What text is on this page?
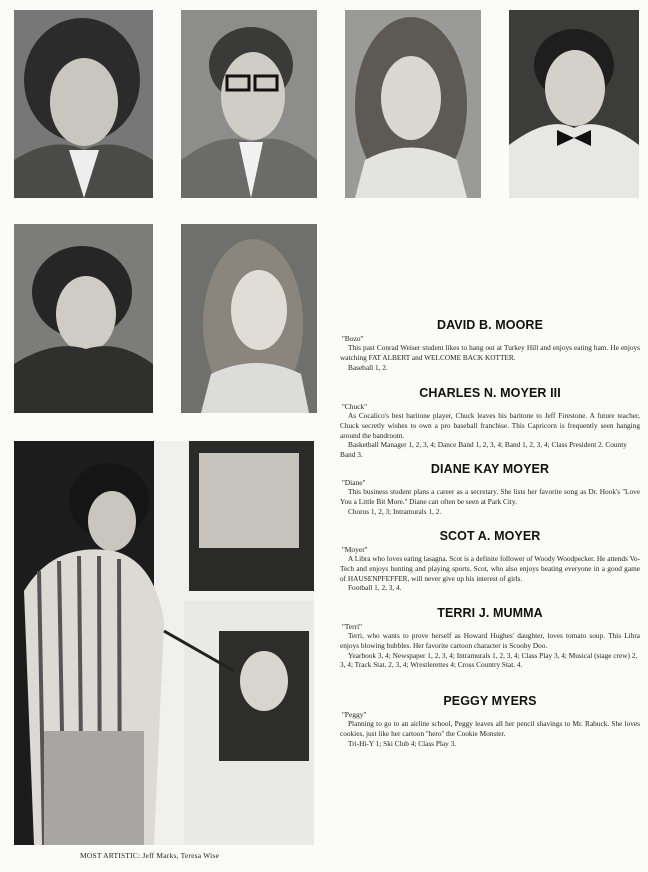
DAVID B. MOORE
''Bozo''

This past Conrad Weiser student likes to hang out at Turkey Hill and enjoys eating ham. He enjoys watching FAT ALBERT and WELCOME BACK KOTTER.

Baseball 1, 2.

CHARLES N. MOYER III
''Chuck''

As Cocalico's best baritone player, Chuck leaves his baritone to Jeff Firestone. A future teacher, Chuck secretly wishes to own a pro baseball franchise. This Capricorn is frequently seen hanging around the bandroom.

Basketball Manager 1, 2, 3, 4; Dance Band 1, 2, 3, 4; Band 1, 2, 3, 4; Class President 2. County Band 3.

DIANE KAY MOYER
''Diane''

This business student plans a career as a secretary. She lists her favorite song as Dr. Hook's ''Love You a Little Bit More.'' Diane can often be seen at Park City.

Chorus 1, 2, 3; Intramurals 1, 2.

SCOT A. MOYER
''Moyer''

A Libra who loves eating lasagna. Scot is a definite follower of Woody Woodpecker. He attends Vo-Tech and enjoys hunting and playing sports. Scot, who also enjoys beating everyone in a good game of HAUSENPFEFFER, will never give up his interest of girls.

Football 1, 2, 3, 4.

TERRI J. MUMMA
''Terri''

Terri, who wants to prove herself as Howard Hughes' daughter, loves tomato soup. This Libra enjoys blowing bubbles. Her favorite cartoon character is Scooby Doo.

Yearbook 3, 4; Newspaper 1, 2, 3, 4; Intramurals 1, 2, 3, 4; Class Play 3, 4; Musical (stage crew) 2, 3, 4; Track Stat. 2, 3, 4; Wrestlerettes 4; Cross Country Stat. 4.

PEGGY MYERS
''Peggy''

Planning to go to an airline school, Peggy leaves all her pencil shavings to Mr. Rabuck. She loves cookies, just like her cartoon ''hero'' the Cookie Monster.

Tri-Hi-Y 1; Ski Club 4; Class Play 3.

MOST ARTISTIC: Jeff Marks, Teresa Wise
